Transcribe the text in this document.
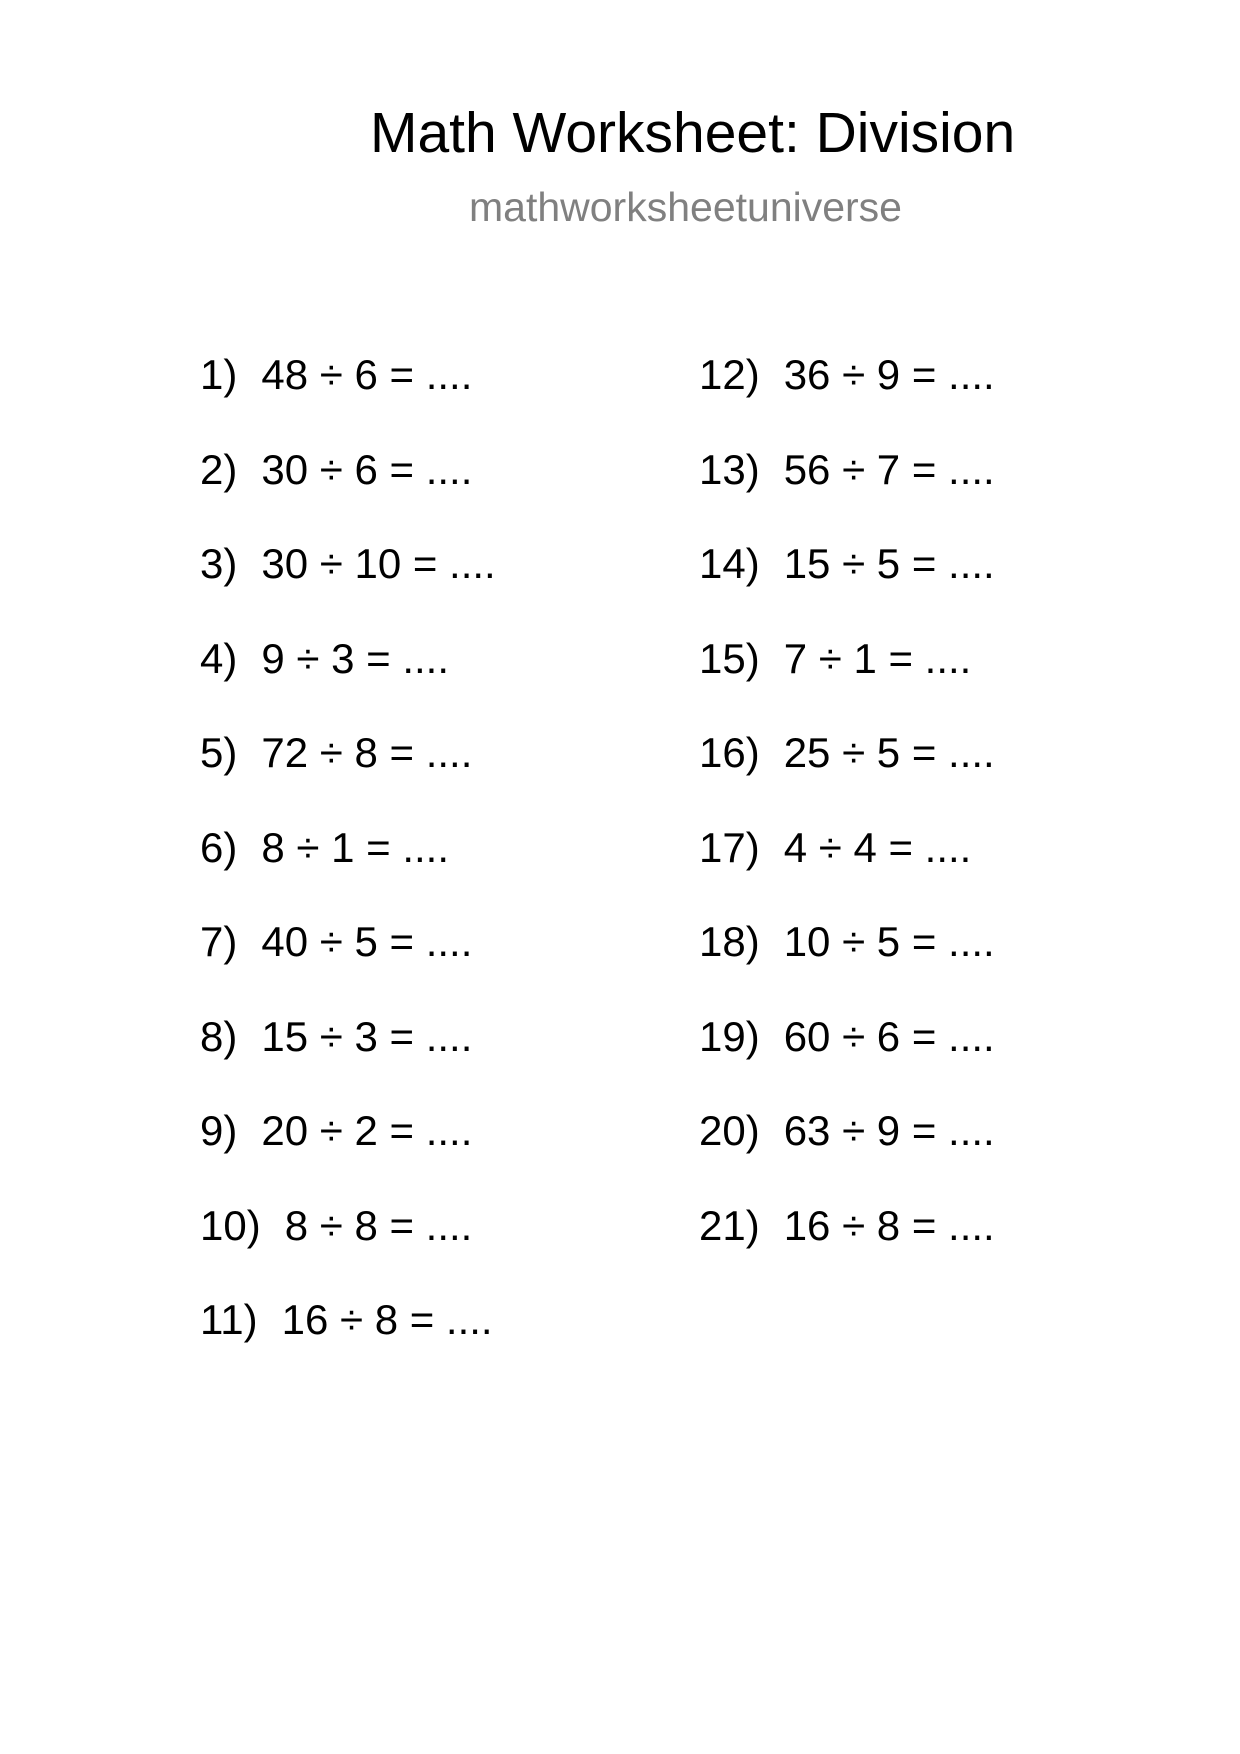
Math Worksheet: Division
mathworksheetuniverse
1) 48 ÷ 6 = ....
2) 30 ÷ 6 = ....
3) 30 ÷ 10 = ....
4) 9 ÷ 3 = ....
5) 72 ÷ 8 = ....
6) 8 ÷ 1 = ....
7) 40 ÷ 5 = ....
8) 15 ÷ 3 = ....
9) 20 ÷ 2 = ....
10) 8 ÷ 8 = ....
11) 16 ÷ 8 = ....
12) 36 ÷ 9 = ....
13) 56 ÷ 7 = ....
14) 15 ÷ 5 = ....
15) 7 ÷ 1 = ....
16) 25 ÷ 5 = ....
17) 4 ÷ 4 = ....
18) 10 ÷ 5 = ....
19) 60 ÷ 6 = ....
20) 63 ÷ 9 = ....
21) 16 ÷ 8 = ....
